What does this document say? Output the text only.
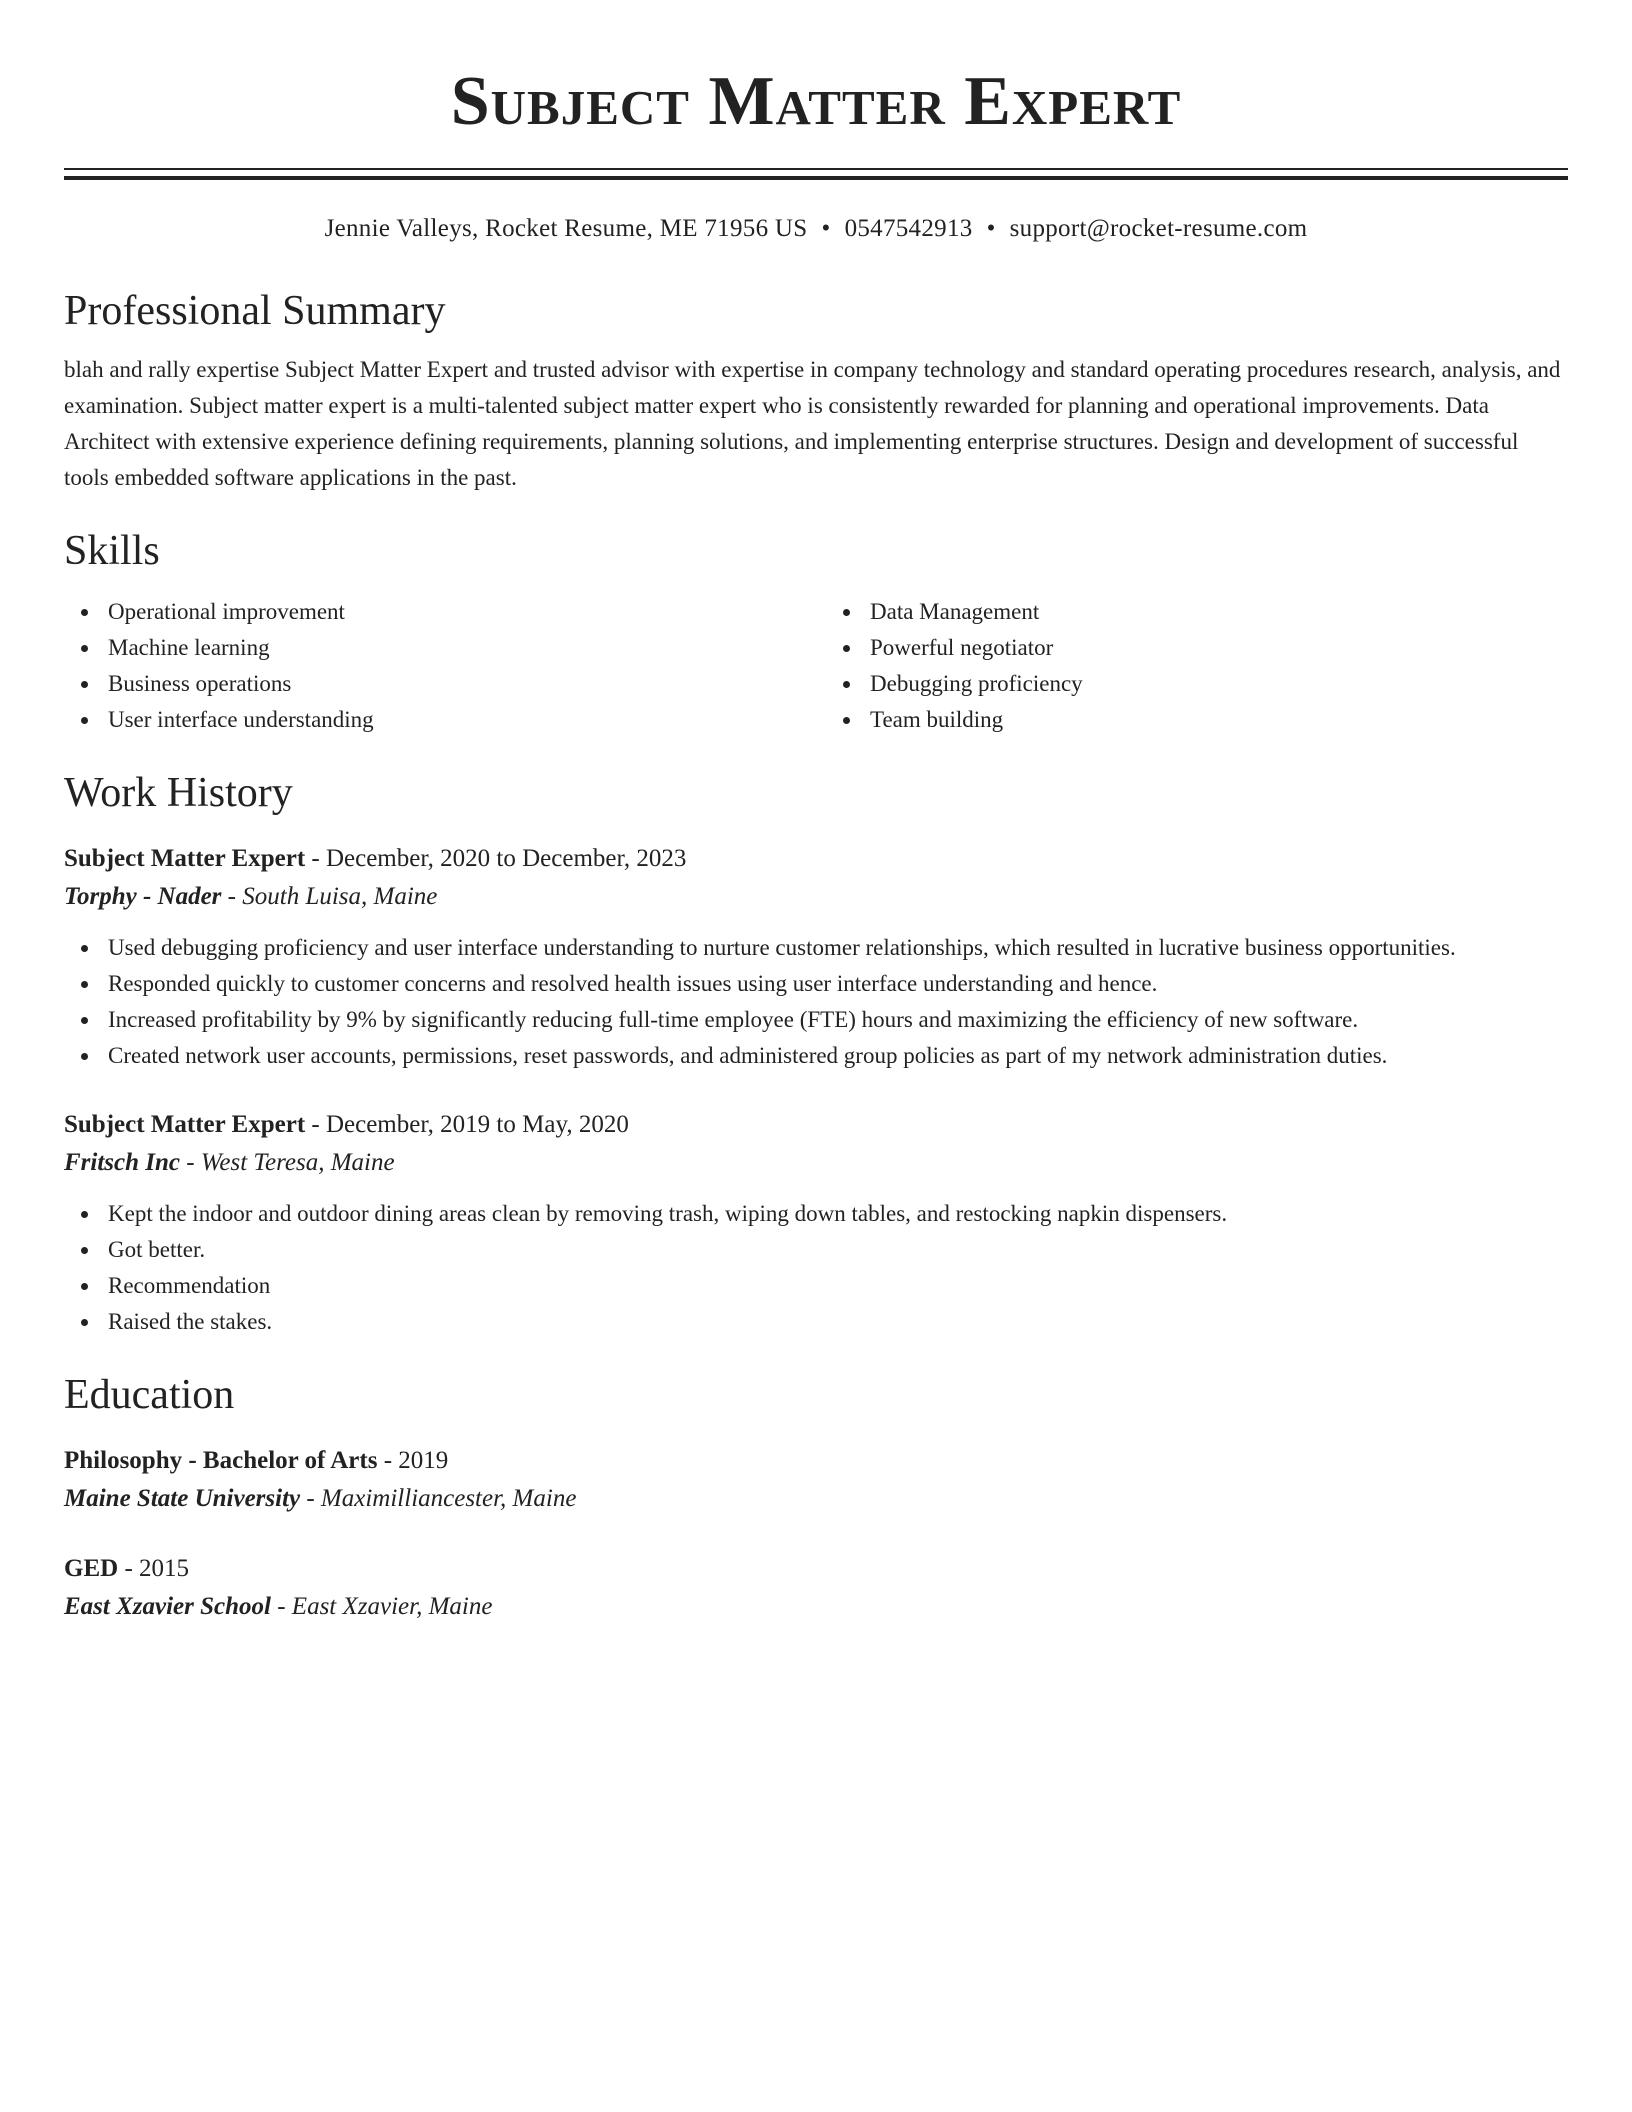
Subject Matter Expert
Jennie Valleys, Rocket Resume, ME 71956 US • 0547542913 • support@rocket-resume.com
Professional Summary

blah and rally expertise Subject Matter Expert and trusted advisor with expertise in company technology and standard operating procedures research, analysis, and examination. Subject matter expert is a multi-talented subject matter expert who is consistently rewarded for planning and operational improvements. Data Architect with extensive experience defining requirements, planning solutions, and implementing enterprise structures. Design and development of successful tools embedded software applications in the past.

Skills
Operational improvement
Machine learning
Business operations
User interface understanding
Data Management
Powerful negotiator
Debugging proficiency
Team building
Work History
Subject Matter Expert - December, 2020 to December, 2023
Torphy - Nader - South Luisa, Maine
Used debugging proficiency and user interface understanding to nurture customer relationships, which resulted in lucrative business opportunities.
Responded quickly to customer concerns and resolved health issues using user interface understanding and hence.
Increased profitability by 9% by significantly reducing full-time employee (FTE) hours and maximizing the efficiency of new software.
Created network user accounts, permissions, reset passwords, and administered group policies as part of my network administration duties.
Subject Matter Expert - December, 2019 to May, 2020
Fritsch Inc - West Teresa, Maine
Kept the indoor and outdoor dining areas clean by removing trash, wiping down tables, and restocking napkin dispensers.
Got better.
Recommendation
Raised the stakes.
Education
Philosophy - Bachelor of Arts - 2019
Maine State University - Maximilliancester, Maine
GED - 2015
East Xzavier School - East Xzavier, Maine
